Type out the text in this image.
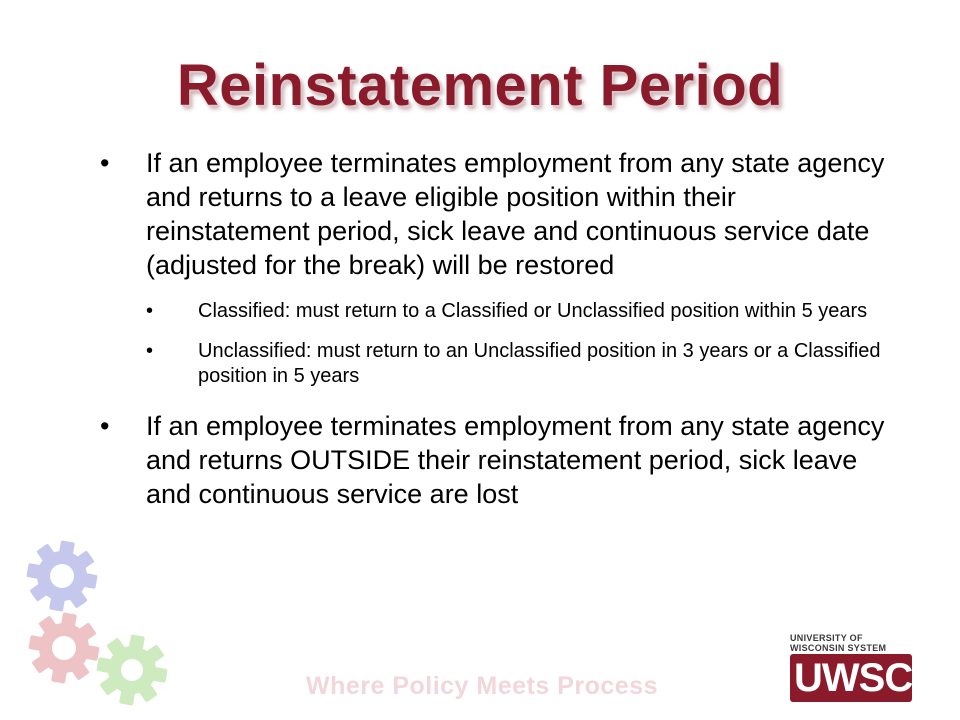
Reinstatement Period
• If an employee terminates employment from any state agency and returns to a leave eligible position within their reinstatement period, sick leave and continuous service date (adjusted for the break) will be restored
• Classified: must return to a Classified or Unclassified position within 5 years
• Unclassified: must return to an Unclassified position in 3 years or a Classified position in 5 years
• If an employee terminates employment from any state agency and returns OUTSIDE their reinstatement period, sick leave and continuous service are lost
Where Policy Meets Process
UNIVERSITY OF
WISCONSIN SYSTEM
UWSC
